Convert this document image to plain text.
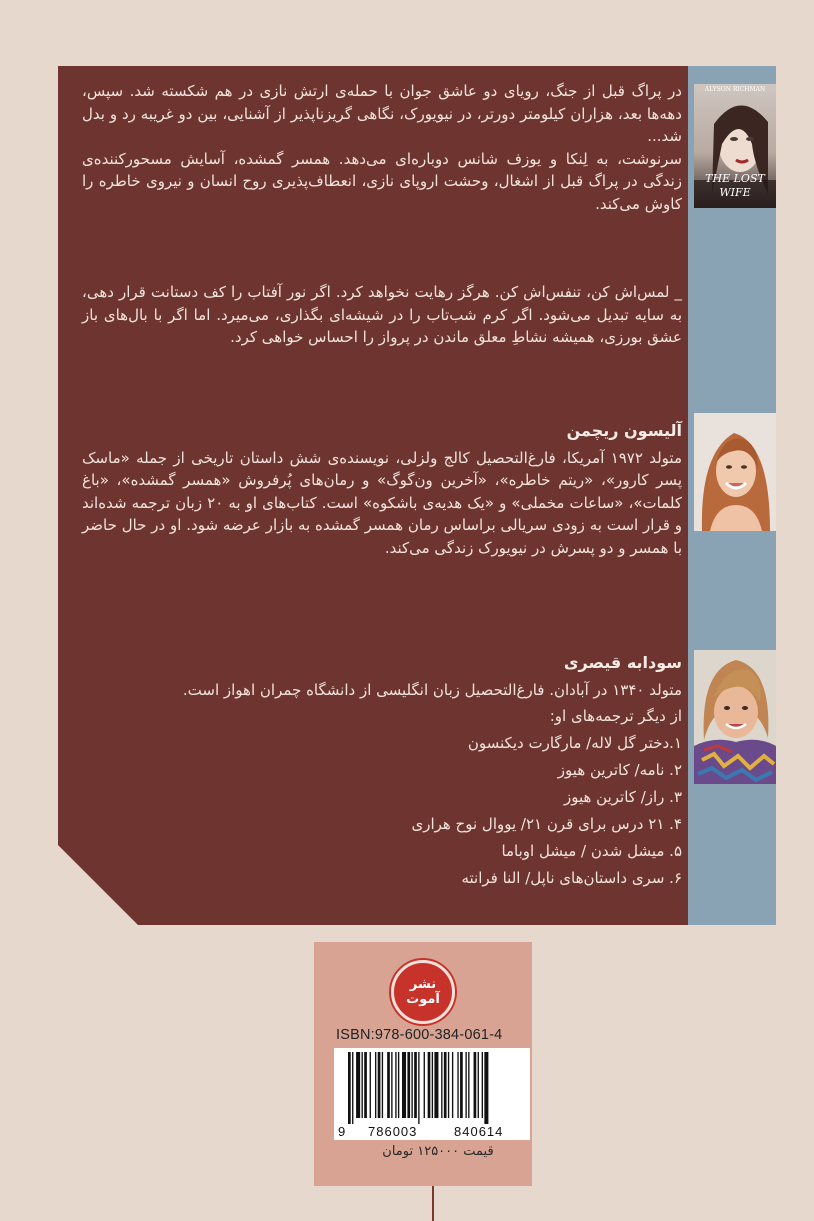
ALYSON RICHMAN
THE LOST
WIFE

در پراگ قبل از جنگ، رویای دو عاشق جوان با حمله‌ی ارتش نازی در هم شکسته شد. سپس، دهه‌ها بعد، هزاران کیلومتر دورتر، در نیویورک، نگاهی گریزناپذیر از آشنایی، بین دو غریبه رد و بدل شد...

سرنوشت، به لِنکا و یوزف شانس دوباره‌ای می‌دهد. همسر گمشده، آسایش مسحورکننده‌ی زندگی در پراگ قبل از اشغال، وحشت اروپای نازی، انعطاف‌پذیری روح انسان و نیروی خاطره را کاوش می‌کند.

_ لمس‌اش کن، تنفس‌اش کن. هرگز رهایت نخواهد کرد. اگر نور آفتاب را کف دستانت قرار دهی، به سایه تبدیل می‌شود. اگر کرم شب‌تاب را در شیشه‌ای بگذاری، می‌میرد. اما اگر با بال‌های باز عشق بورزی، همیشه نشاطِ معلق ماندن در پرواز را احساس خواهی کرد.

آلیسون ریچمن

متولد ۱۹۷۲ آمریکا، فارغ‌التحصیل کالج ولزلی، نویسنده‌ی شش داستان تاریخی از جمله «ماسک پسر کارور»، «ریتم خاطره»، «آخرین ون‌گوگ» و رمان‌های پُرفروش «همسر گمشده»، «باغ کلمات»، «ساعات مخملی» و «یک هدیه‌ی باشکوه» است. کتاب‌های او به ۲۰ زبان ترجمه شده‌اند و قرار است به زودی سریالی براساس رمان همسر گمشده به بازار عرضه شود. او در حال حاضر با همسر و دو پسرش در نیویورک زندگی می‌کند.

سودابه قیصری

متولد ۱۳۴۰ در آبادان. فارغ‌التحصیل زبان انگلیسی از دانشگاه چمران اهواز است.

از دیگر ترجمه‌های او:

۱.دختر گل لاله/ مارگارت دیکنسون

۲. نامه/ کاترین هیوز

۳. راز/ کاترین هیوز

۴. ۲۱ درس برای قرن ۲۱/ یووال نوح هراری

۵. میشل شدن / میشل اوباما

۶. سری داستان‌های ناپل/ النا فرانته

نشر آموت
ISBN:978-600-384-061-4
9 786003	840614
قیمت ۱۲۵۰۰۰ تومان
